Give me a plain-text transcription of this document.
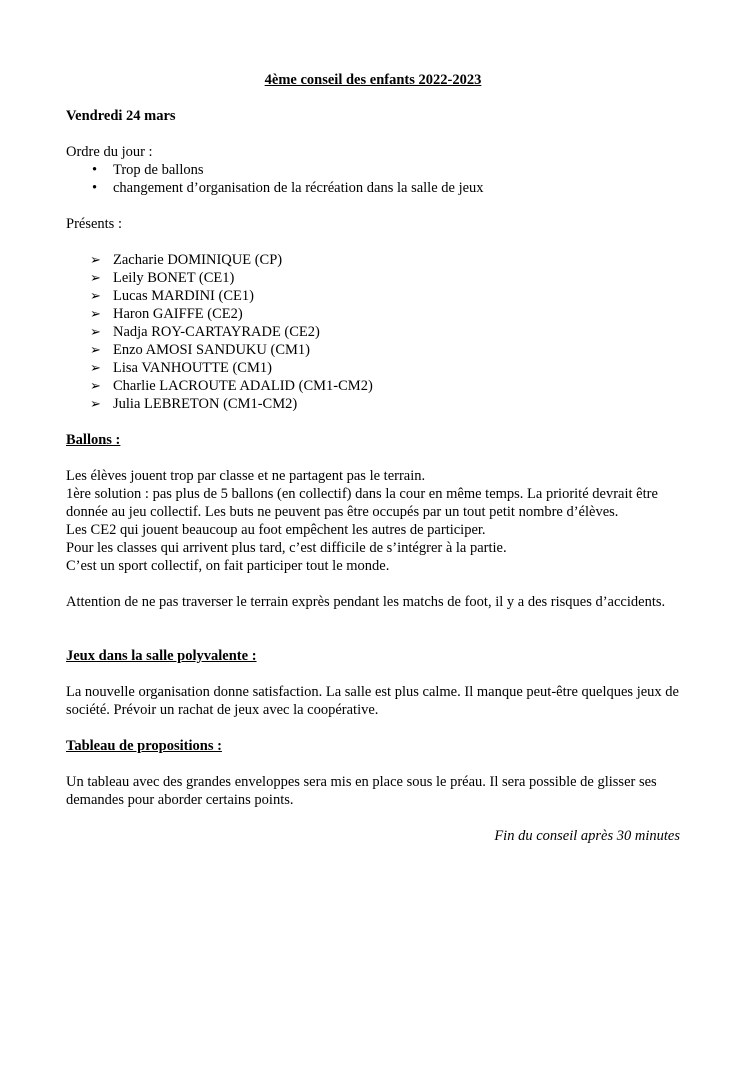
4ème conseil des enfants 2022-2023
Vendredi 24 mars
Ordre du jour :
• Trop de ballons
• changement d’organisation de la récréation dans la salle de jeux
Présents :
➢ Zacharie DOMINIQUE (CP)
➢ Leily BONET (CE1)
➢ Lucas MARDINI (CE1)
➢ Haron GAIFFE (CE2)
➢ Nadja ROY-CARTAYRADE (CE2)
➢ Enzo AMOSI SANDUKU (CM1)
➢ Lisa VANHOUTTE (CM1)
➢ Charlie LACROUTE ADALID (CM1-CM2)
➢ Julia LEBRETON (CM1-CM2)
Ballons :
Les élèves jouent trop par classe et ne partagent pas le terrain.
1ère solution : pas plus de 5 ballons (en collectif) dans la cour en même temps. La priorité devrait être donnée au jeu collectif. Les buts ne peuvent pas être occupés par un tout petit nombre d’élèves.
Les CE2 qui jouent beaucoup au foot empêchent les autres de participer.
Pour les classes qui arrivent plus tard, c’est difficile de s’intégrer à la partie.
C’est un sport collectif, on fait participer tout le monde.
Attention de ne pas traverser le terrain exprès pendant les matchs de foot, il y a des risques d’accidents.
Jeux dans la salle polyvalente :
La nouvelle organisation donne satisfaction. La salle est plus calme. Il manque peut-être quelques jeux de société. Prévoir un rachat de jeux avec la coopérative.
Tableau de propositions :
Un tableau avec des grandes enveloppes sera mis en place sous le préau. Il sera possible de glisser ses demandes pour aborder certains points.
Fin du conseil après 30 minutes
